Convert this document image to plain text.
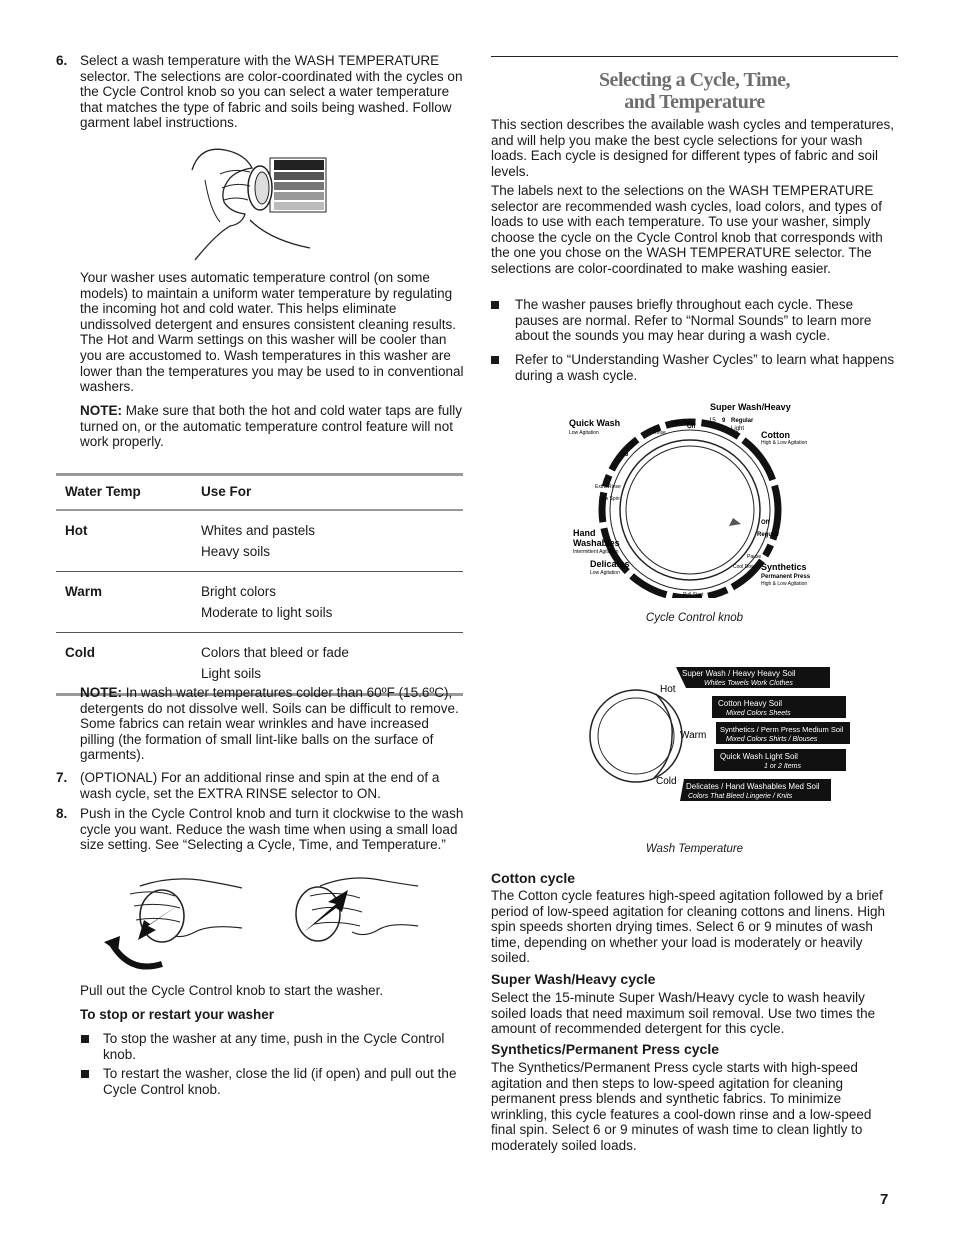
6. Select a wash temperature with the WASH TEMPERATURE selector. The selections are color-coordinated with the cycles on the Cycle Control knob so you can select a water temperature that matches the type of fabric and soils being washed. Follow garment label instructions.

Your washer uses automatic temperature control (on some models) to maintain a uniform water temperature by regulating the incoming hot and cold water. This helps eliminate undissolved detergent and ensures consistent cleaning results. The Hot and Warm settings on this washer will be cooler than you are accustomed to. Wash temperatures in this washer are lower than the temperatures you may be used to in conventional washers.

NOTE: Make sure that both the hot and cold water taps are fully turned on, or the automatic temperature control feature will not work properly.

Water Temp	Use For
Hot	Whites and pastels
Heavy soils

Warm	Bright colors
Moderate to light soils

Cold	Colors that bleed or fade
Light soils

NOTE: In wash water temperatures colder than 60ºF (15.6ºC), detergents do not dissolve well. Soils can be difficult to remove. Some fabrics can retain wear wrinkles and have increased pilling (the formation of small lint-like balls on the surface of garments).

7. (OPTIONAL) For an additional rinse and spin at the end of a wash cycle, set the EXTRA RINSE selector to ON.

8. Push in the Cycle Control knob and turn it clockwise to the wash cycle you want. Reduce the wash time when using a small load size setting. See “Selecting a Cycle, Time, and Temperature.”

Pull out the Cycle Control knob to start the washer.

To stop or restart your washer

To stop the washer at any time, push in the Cycle Control knob.

To restart the washer, close the lid (if open) and pull out the Cycle Control knob.

Selecting a Cycle, Time,
and Temperature

This section describes the available wash cycles and temperatures, and will help you make the best cycle selections for your wash loads. Each cycle is designed for different types of fabric and soil levels.

The labels next to the selections on the WASH TEMPERATURE selector are recommended wash cycles, load colors, and types of loads to use with each temperature. To use your washer, simply choose the cycle on the Cycle Control knob that corresponds with the one you chose on the WASH TEMPERATURE selector. The selections are color-coordinated to make washing easier.

The washer pauses briefly throughout each cycle. These pauses are normal. Refer to “Normal Sounds” to learn more about the sounds you may hear during a wash cycle.

Refer to “Understanding Washer Cycles” to learn what happens during a wash cycle.

Super Wash/Heavy
Quick Wash
Low Agitation	Cotton
High & Low Agitation
Hand
Washables
Intermittent Agitation
Delicates
Low Agitation
Synthetics
Permanent Press
High & Low Agitation
Pull Start
15 9 Regular
Light
Off
6
3
Rinse
High Spin
Extra Rinse
Low Spin
Pause
Cool Down
Off
Regular
Cycle Control knob
Hot
Warm
Cold
Super Wash / Heavy Heavy Soil
Whites Towels Work Clothes
Cotton Heavy Soil
Mixed Colors Sheets
Synthetics / Perm Press Medium Soil
Mixed Colors Shirts / Blouses
Quick Wash Light Soil
1 or 2 Items
Delicates / Hand Washables Med Soil
Colors That Bleed Lingerie / Knits
Wash Temperature
Cotton cycle

The Cotton cycle features high-speed agitation followed by a brief period of low-speed agitation for cleaning cottons and linens. High spin speeds shorten drying times. Select 6 or 9 minutes of wash time, depending on whether your load is moderately or heavily soiled.

Super Wash/Heavy cycle

Select the 15-minute Super Wash/Heavy cycle to wash heavily soiled loads that need maximum soil removal. Use two times the amount of recommended detergent for this cycle.

Synthetics/Permanent Press cycle

The Synthetics/Permanent Press cycle starts with high-speed agitation and then steps to low-speed agitation for cleaning permanent press blends and synthetic fabrics. To minimize wrinkling, this cycle features a cool-down rinse and a low-speed final spin. Select 6 or 9 minutes of wash time to clean lightly to moderately soiled loads.

7
